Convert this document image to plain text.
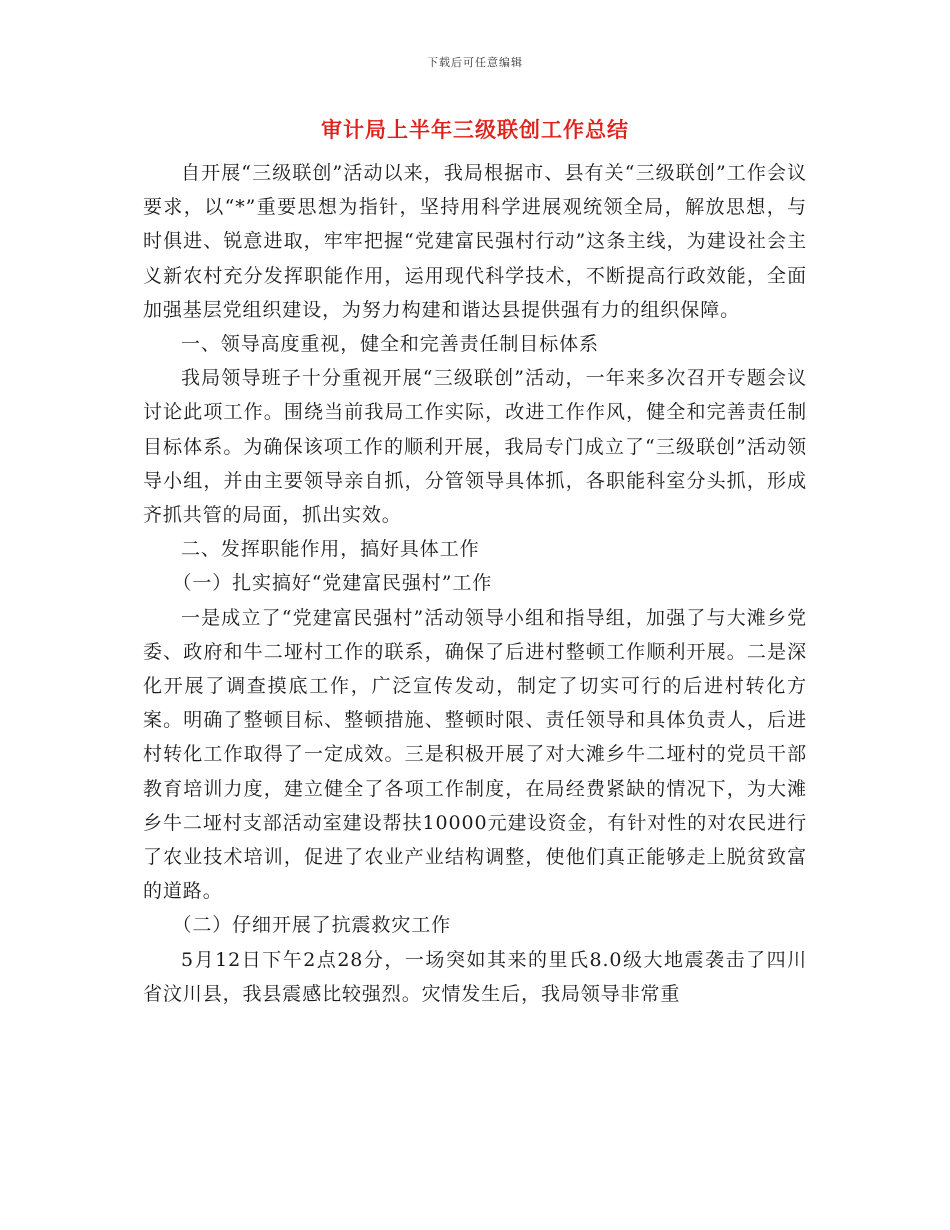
下载后可任意编辑
审计局上半年三级联创工作总结

自开展“三级联创”活动以来，我局根据市、县有关“三级联创”工作会议要求，以“*”重要思想为指针，坚持用科学进展观统领全局，解放思想，与时俱进、锐意进取，牢牢把握“党建富民强村行动”这条主线，为建设社会主义新农村充分发挥职能作用，运用现代科学技术，不断提高行政效能，全面加强基层党组织建设，为努力构建和谐达县提供强有力的组织保障。

一、领导高度重视，健全和完善责任制目标体系

我局领导班子十分重视开展“三级联创”活动，一年来多次召开专题会议讨论此项工作。围绕当前我局工作实际，改进工作作风，健全和完善责任制目标体系。为确保该项工作的顺利开展，我局专门成立了“三级联创”活动领导小组，并由主要领导亲自抓，分管领导具体抓，各职能科室分头抓，形成齐抓共管的局面，抓出实效。

二、发挥职能作用，搞好具体工作

（一）扎实搞好“党建富民强村”工作

一是成立了“党建富民强村”活动领导小组和指导组，加强了与大滩乡党委、政府和牛二垭村工作的联系，确保了后进村整顿工作顺利开展。二是深化开展了调查摸底工作，广泛宣传发动，制定了切实可行的后进村转化方案。明确了整顿目标、整顿措施、整顿时限、责任领导和具体负责人，后进村转化工作取得了一定成效。三是积极开展了对大滩乡牛二垭村的党员干部教育培训力度，建立健全了各项工作制度，在局经费紧缺的情况下，为大滩乡牛二垭村支部活动室建设帮扶10000元建设资金，有针对性的对农民进行了农业技术培训，促进了农业产业结构调整，使他们真正能够走上脱贫致富的道路。

（二）仔细开展了抗震救灾工作

5月12日下午2点28分，一场突如其来的里氏8.0级大地震袭击了四川省汶川县，我县震感比较强烈。灾情发生后，我局领导非常重
